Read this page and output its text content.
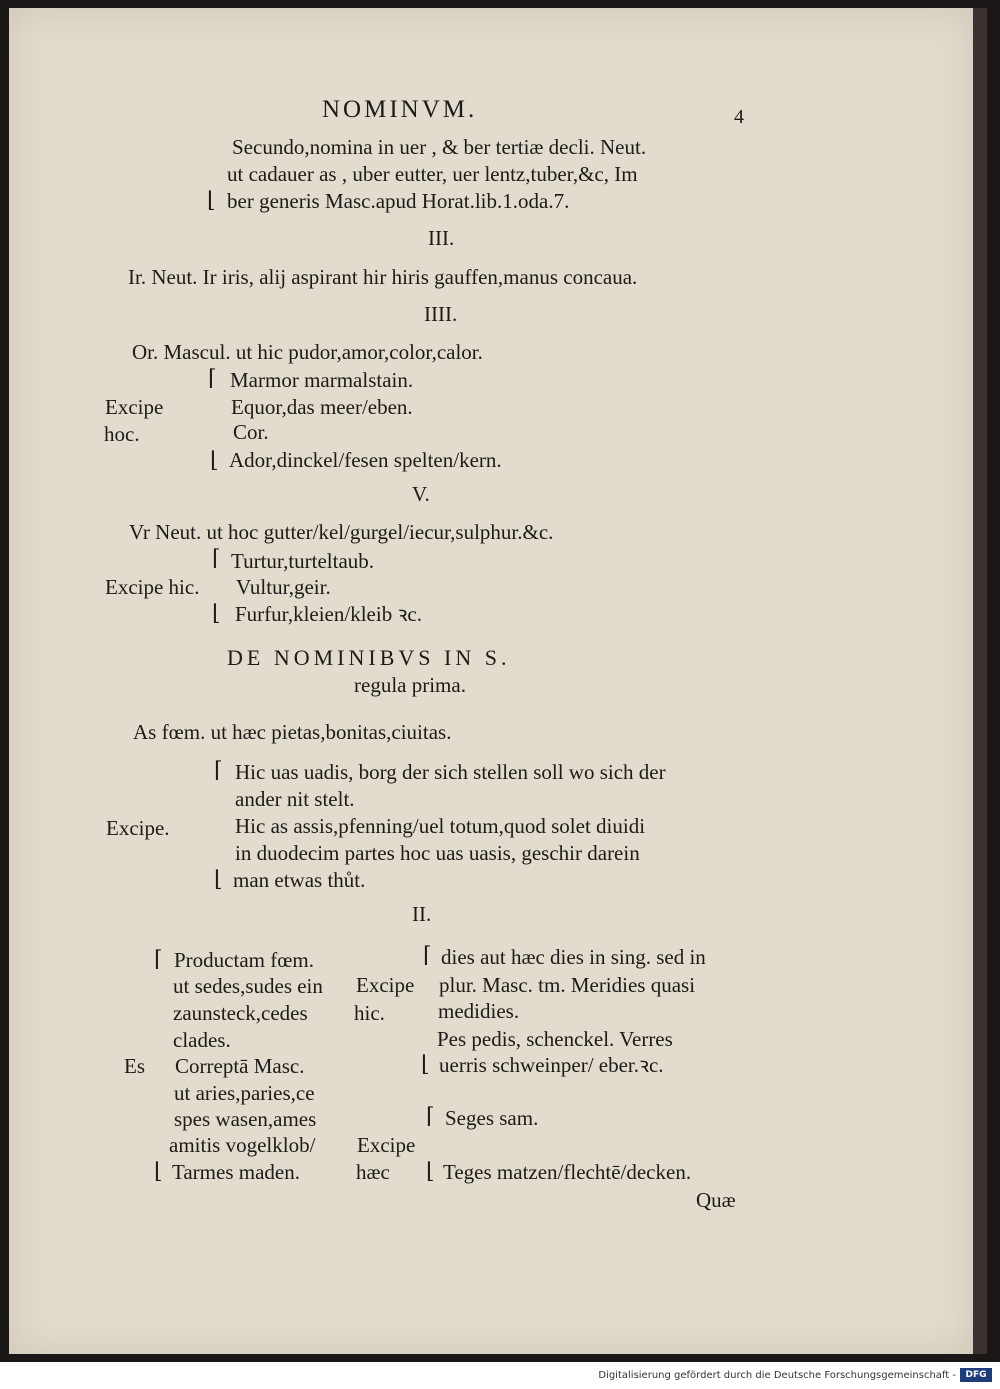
NOMINVM.	4
Secundo,nomina in uer , & ber tertiæ decli. Neut.
ut cadauer as , uber eutter, uer lentz,tuber,&c, Im
⌊ ber generis Masc.apud Horat.lib.1.oda.7.
III.
Ir. Neut. Ir iris, alij aspirant hir hiris gauffen,manus concaua.
IIII.
Or. Mascul. ut hic pudor,amor,color,calor.
⌈ Marmor marmalstain.
Excipe	Equor,das meer/eben.
hoc.	Cor.
⌊ Ador,dinckel/fesen spelten/kern.
V.
Vr Neut. ut hoc gutter/kel/gurgel/iecur,sulphur.&c.
⌈ Turtur,turteltaub.
Excipe hic. Vultur,geir.
⌊ Furfur,kleien/kleib ꝛc.
DE NOMINIBVS IN S.
regula prima.
As fœm. ut hæc pietas,bonitas,ciuitas.
⌈ Hic uas uadis, borg der sich stellen soll wo sich der
ander nit stelt.
Excipe.	Hic as assis,pfenning/uel totum,quod solet diuidi
in duodecim partes hoc uas uasis, geschir darein
⌊ man etwas thůt.
II.
⌈ Productam fœm.
ut sedes,sudes ein
zaunsteck,cedes
clades.
Es Correptā Masc.
ut aries,paries,ce
spes wasen,ames
amitis vogelklob/
⌊ Tarmes maden.
Excipe
hic.
Excipe
hæc
⌈ dies aut hæc dies in sing. sed in
plur. Masc. tm. Meridies quasi
medidies.
Pes pedis, schenckel. Verres
⌊ uerris schweinper/ eber.ꝛc.
⌈ Seges sam.
⌊ Teges matzen/flechtē/decken.
Quæ
Digitalisierung gefördert durch die Deutsche Forschungsgemeinschaft -	DFG
